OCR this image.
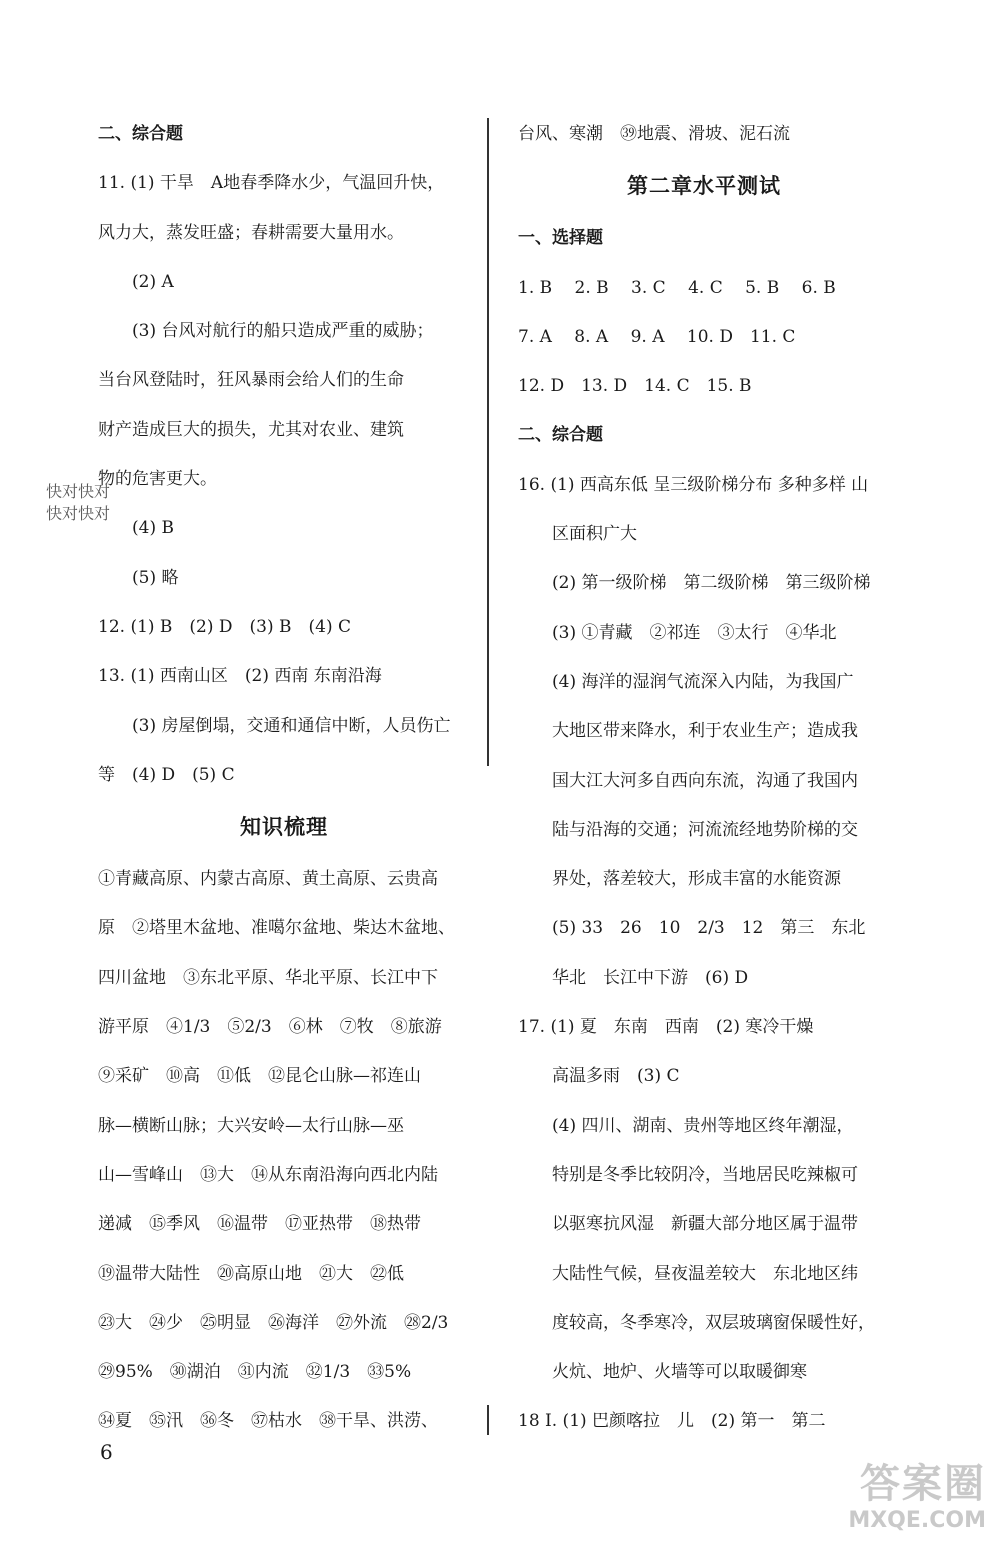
二、综合题
11. (1) 干旱　A地春季降水少，气温回升快，
风力大，蒸发旺盛；春耕需要大量用水。
(2) A
(3) 台风对航行的船只造成严重的威胁；
当台风登陆时，狂风暴雨会给人们的生命
财产造成巨大的损失，尤其对农业、建筑
物的危害更大。
(4) B
(5) 略
12. (1) B　(2) D　(3) B　(4) C
13. (1) 西南山区　(2) 西南 东南沿海
(3) 房屋倒塌，交通和通信中断，人员伤亡
等　(4) D　(5) C
知识梳理
①青藏高原、内蒙古高原、黄土高原、云贵高
原　②塔里木盆地、准噶尔盆地、柴达木盆地、
四川盆地　③东北平原、华北平原、长江中下
游平原　④1/3　⑤2/3　⑥林　⑦牧　⑧旅游
⑨采矿　⑩高　⑪低　⑫昆仑山脉—祁连山
脉—横断山脉；大兴安岭—太行山脉—巫
山—雪峰山　⑬大　⑭从东南沿海向西北内陆
递减　⑮季风　⑯温带　⑰亚热带　⑱热带
⑲温带大陆性　⑳高原山地　㉑大　㉒低
㉓大　㉔少　㉕明显　㉖海洋　㉗外流　㉘2/3
㉙95%　㉚湖泊　㉛内流　㉜1/3　㉝5%
㉞夏　㉟汛　㊱冬　㊲枯水　㊳干旱、洪涝、
台风、寒潮　㊴地震、滑坡、泥石流
第二章水平测试
一、选择题
1. B　 2. B　 3. C　 4. C　 5. B　 6. B
7. A　 8. A　 9. A　 10. D　11. C
12. D　13. D　14. C　15. B
二、综合题
16. (1) 西高东低 呈三级阶梯分布 多种多样 山
区面积广大
(2) 第一级阶梯　第二级阶梯　第三级阶梯
(3) ①青藏　②祁连　③太行　④华北
(4) 海洋的湿润气流深入内陆，为我国广
大地区带来降水，利于农业生产；造成我
国大江大河多自西向东流，沟通了我国内
陆与沿海的交通；河流流经地势阶梯的交
界处，落差较大，形成丰富的水能资源
(5) 33　26　10　2/3　12　第三　东北
华北　长江中下游　(6) D
17. (1) 夏　东南　西南　(2) 寒冷干燥
高温多雨　(3) C
(4) 四川、湖南、贵州等地区终年潮湿，
特别是冬季比较阴冷，当地居民吃辣椒可
以驱寒抗风湿　新疆大部分地区属于温带
大陆性气候，昼夜温差较大　东北地区纬
度较高，冬季寒冷，双层玻璃窗保暖性好，
火炕、地炉、火墙等可以取暖御寒
18 Ⅰ. (1) 巴颜喀拉　儿　(2) 第一　第二
6
快对快对
快对快对
答案圈
MXQE.COM
